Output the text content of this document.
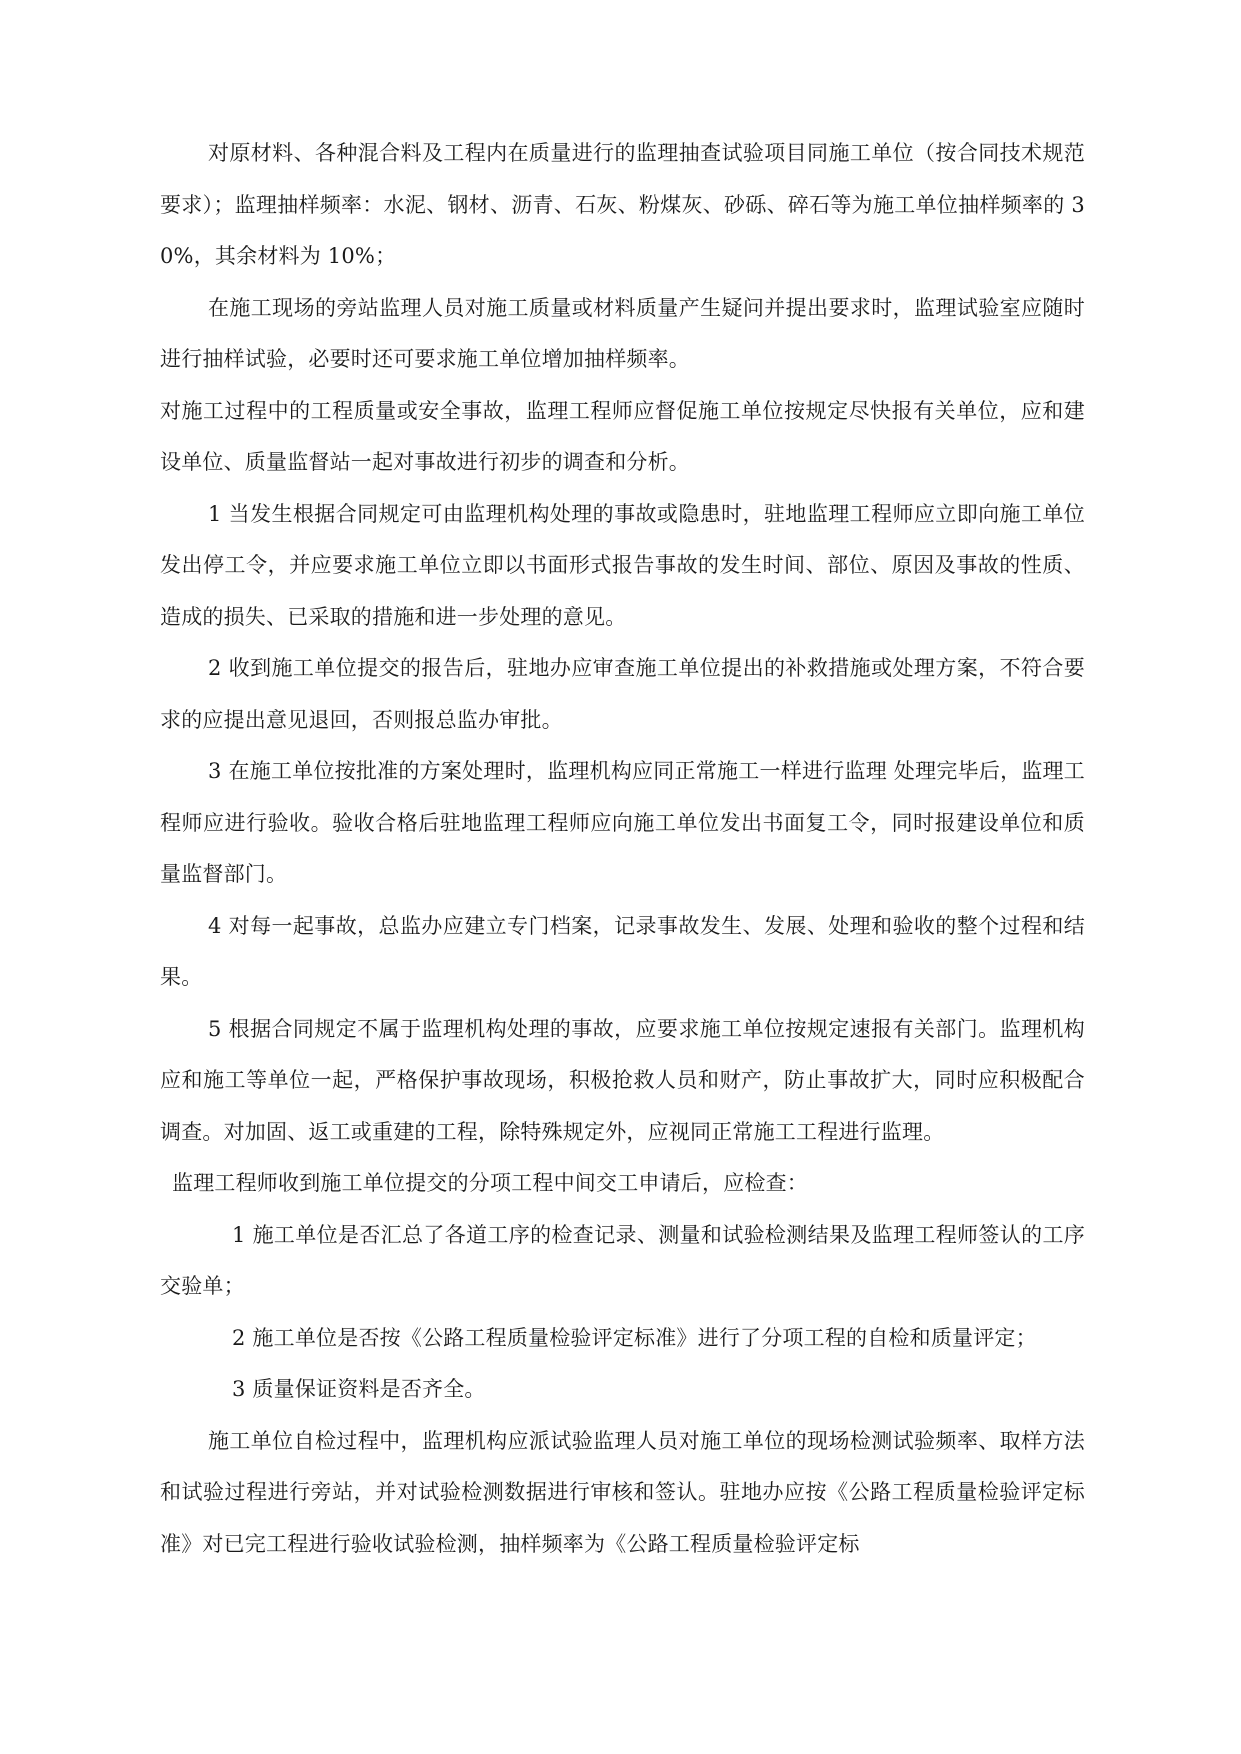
对原材料、各种混合料及工程内在质量进行的监理抽查试验项目同施工单位（按合同技术规范要求）；监理抽样频率：水泥、钢材、沥青、石灰、粉煤灰、砂砾、碎石等为施工单位抽样频率的 30%，其余材料为 10%；

在施工现场的旁站监理人员对施工质量或材料质量产生疑问并提出要求时，监理试验室应随时进行抽样试验，必要时还可要求施工单位增加抽样频率。

对施工过程中的工程质量或安全事故，监理工程师应督促施工单位按规定尽快报有关单位，应和建设单位、质量监督站一起对事故进行初步的调查和分析。

1 当发生根据合同规定可由监理机构处理的事故或隐患时，驻地监理工程师应立即向施工单位发出停工令，并应要求施工单位立即以书面形式报告事故的发生时间、部位、原因及事故的性质、造成的损失、已采取的措施和进一步处理的意见。

2 收到施工单位提交的报告后，驻地办应审查施工单位提出的补救措施或处理方案，不符合要求的应提出意见退回，否则报总监办审批。

3 在施工单位按批准的方案处理时，监理机构应同正常施工一样进行监理 处理完毕后，监理工程师应进行验收。验收合格后驻地监理工程师应向施工单位发出书面复工令，同时报建设单位和质量监督部门。

4 对每一起事故，总监办应建立专门档案，记录事故发生、发展、处理和验收的整个过程和结果。

5 根据合同规定不属于监理机构处理的事故，应要求施工单位按规定速报有关部门。监理机构应和施工等单位一起，严格保护事故现场，积极抢救人员和财产，防止事故扩大，同时应积极配合调查。对加固、返工或重建的工程，除特殊规定外，应视同正常施工工程进行监理。

监理工程师收到施工单位提交的分项工程中间交工申请后，应检查：

1 施工单位是否汇总了各道工序的检查记录、测量和试验检测结果及监理工程师签认的工序交验单；

2 施工单位是否按《公路工程质量检验评定标准》进行了分项工程的自检和质量评定；

3 质量保证资料是否齐全。

施工单位自检过程中，监理机构应派试验监理人员对施工单位的现场检测试验频率、取样方法和试验过程进行旁站，并对试验检测数据进行审核和签认。驻地办应按《公路工程质量检验评定标准》对已完工程进行验收试验检测，抽样频率为《公路工程质量检验评定标
